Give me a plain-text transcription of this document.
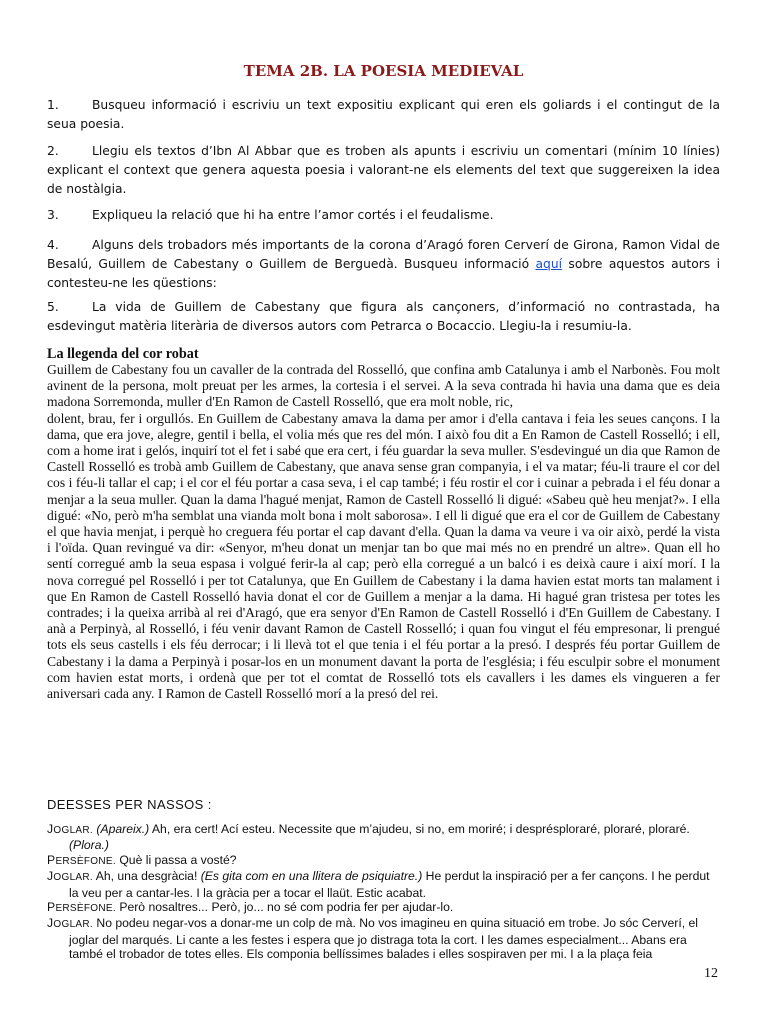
TEMA 2B. LA POESIA MEDIEVAL
1.	Busqueu informació i escriviu un text expositiu explicant qui eren els goliards i el contingut de la seua poesia.
2.	Llegiu els textos d’Ibn Al Abbar que es troben als apunts i escriviu un comentari (mínim 10 línies) explicant el context que genera aquesta poesia i valorant-ne els elements del text que suggereixen la idea de nostàlgia.
3.	Expliqueu la relació que hi ha entre l’amor cortés i el feudalisme.
4.	Alguns dels trobadors més importants de la corona d’Aragó foren Cerverí de Girona, Ramon Vidal de Besalú, Guillem de Cabestany o Guillem de Berguedà. Busqueu informació aquí sobre aquestos autors i contesteu-ne les qüestions:
5.	La vida de Guillem de Cabestany que figura als cançoners, d’informació no contrastada, ha esdevingut matèria literària de diversos autors com Petrarca o Bocaccio. Llegiu-la i resumiu-la.
La llegenda del cor robat

Guillem de Cabestany fou un cavaller de la contrada del Rosselló, que confina amb Catalunya i amb el Narbonès. Fou molt avinent de la persona, molt preuat per les armes, la cortesia i el servei. A la seva contrada hi havia una dama que es deia madona Sorremonda, muller d'En Ramon de Castell Rosselló, que era molt noble, ric,

dolent, brau, fer i orgullós. En Guillem de Cabestany amava la dama per amor i d'ella cantava i feia les seues cançons. I la dama, que era jove, alegre, gentil i bella, el volia més que res del món. I això fou dit a En Ramon de Castell Rosselló; i ell, com a home irat i gelós, inquirí tot el fet i sabé que era cert, i féu guardar la seva muller. S'esdevingué un dia que Ramon de Castell Rosselló es trobà amb Guillem de Cabestany, que anava sense gran companyia, i el va matar; féu-li traure el cor del cos i féu-li tallar el cap; i el cor el féu portar a casa seva, i el cap també; i féu rostir el cor i cuinar a pebrada i el féu donar a menjar a la seua muller. Quan la dama l'hagué menjat, Ramon de Castell Rosselló li digué: «Sabeu què heu menjat?». I ella digué: «No, però m'ha semblat una vianda molt bona i molt saborosa». I ell li digué que era el cor de Guillem de Cabestany el que havia menjat, i perquè ho creguera féu portar el cap davant d'ella. Quan la dama va veure i va oir això, perdé la vista i l'oïda. Quan revingué va dir: «Senyor, m'heu donat un menjar tan bo que mai més no en prendré un altre». Quan ell ho sentí corregué amb la seua espasa i volgué ferir-la al cap; però ella corregué a un balcó i es deixà caure i així morí. I la nova corregué pel Rosselló i per tot Catalunya, que En Guillem de Cabestany i la dama havien estat morts tan malament i que En Ramon de Castell Rosselló havia donat el cor de Guillem a menjar a la dama. Hi hagué gran tristesa per totes les contrades; i la queixa arribà al rei d'Aragó, que era senyor d'En Ramon de Castell Rosselló i d'En Guillem de Cabestany. I anà a Perpinyà, al Rosselló, i féu venir davant Ramon de Castell Rosselló; i quan fou vingut el féu empresonar, li prengué tots els seus castells i els féu derrocar; i li llevà tot el que tenia i el féu portar a la presó. I després féu portar Guillem de Cabestany i la dama a Perpinyà i posar-los en un monument davant la porta de l'església; i féu esculpir sobre el monument com havien estat morts, i ordenà que per tot el comtat de Rosselló tots els cavallers i les dames els vingueren a fer aniversari cada any. I Ramon de Castell Rosselló morí a la presó del rei.

DEESSES PER NASSOS :
JOGLAR. (Apareix.) Ah, era cert! Ací esteu. Necessite que m’ajudeu, si no, em moriré; i desprésploraré, ploraré, ploraré. (Plora.)
PERSÈFONE. Què li passa a vosté?
JOGLAR. Ah, una desgràcia! (Es gita com en una llitera de psiquiatre.) He perdut la inspiració per a fer cançons. I he perdut la veu per a cantar-les. I la gràcia per a tocar el llaüt. Estic acabat.
PERSÈFONE. Però nosaltres... Però, jo... no sé com podria fer per ajudar-lo.
JOGLAR. No podeu negar-vos a donar-me un colp de mà. No vos imagineu en quina situació em trobe. Jo sóc Cerverí, el joglar del marqués. Li cante a les festes i espera que jo distraga tota la cort. I les dames especialment... Abans era també el trobador de totes elles. Els componia bellíssimes balades i elles sospiraven per mi. I a la plaça feia
12
